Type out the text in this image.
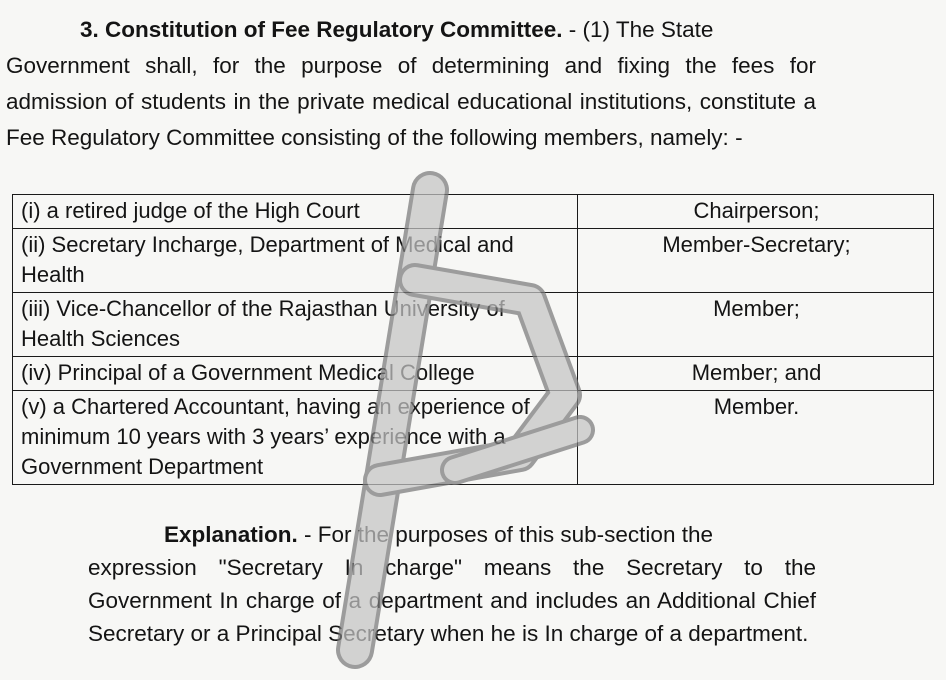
3. Constitution of Fee Regulatory Committee. - (1) The State
Government shall, for the purpose of determining and fixing the fees for admission of students in the private medical educational institutions, constitute a Fee Regulatory Committee consisting of the following members, namely: -

(i) a retired judge of the High Court	Chairperson;
(ii) Secretary Incharge, Department of Medical and Health	Member-Secretary;
(iii) Vice-Chancellor of the Rajasthan University of Health Sciences	Member;
(iv) Principal of a Government Medical College	Member; and
(v) a Chartered Accountant, having an experience of minimum 10 years with 3 years’ experience with a Government Department	Member.

Explanation. - For the purposes of this sub-section the
expression "Secretary In charge" means the Secretary to the Government In charge of a department and includes an Additional Chief Secretary or a Principal Secretary when he is In charge of a department.
